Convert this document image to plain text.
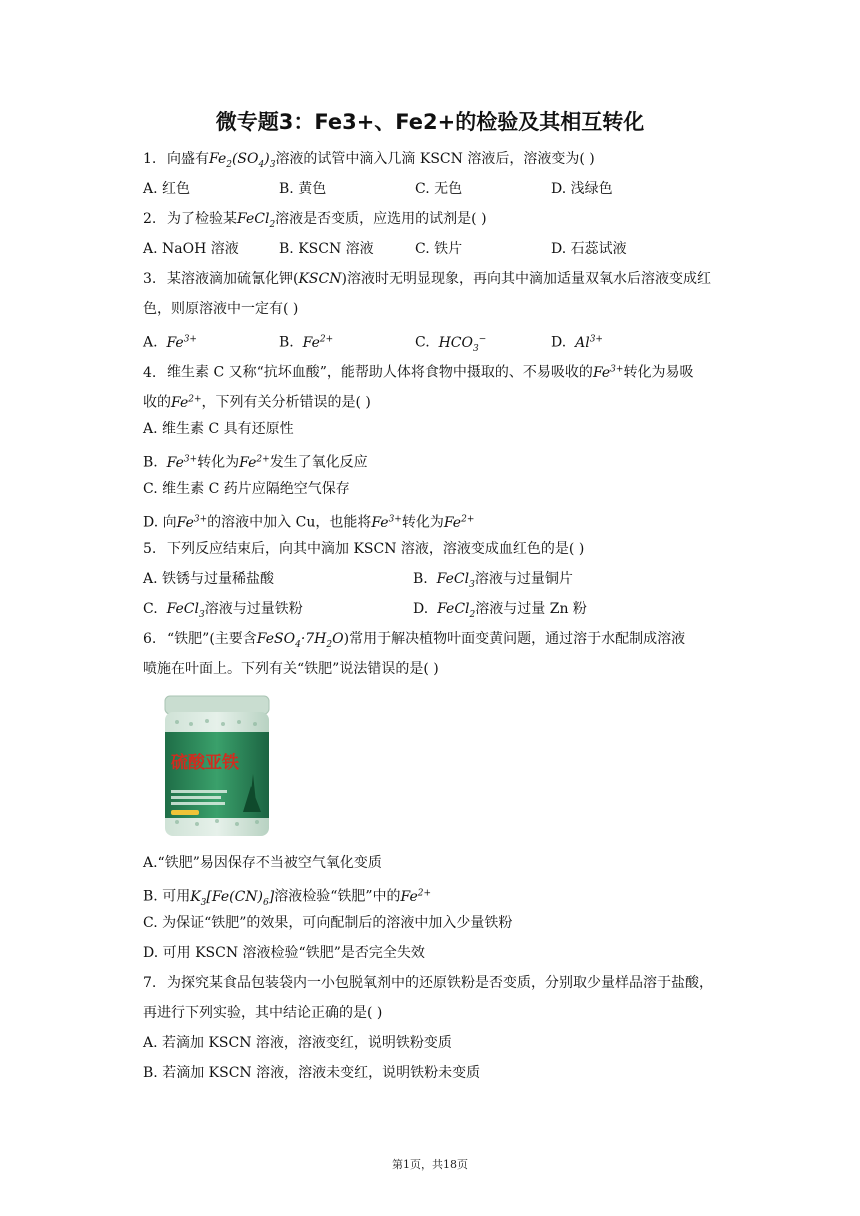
微专题3：Fe3+、Fe2+的检验及其相互转化
1. 向盛有$Fe_2(SO_4)_3$溶液的试管中滴入几滴 KSCN 溶液后，溶液变为( )
A. 红色	B. 黄色	C. 无色	D. 浅绿色
2. 为了检验某FeCl$_2$溶液是否变质，应选用的试剂是( )
A. NaOH 溶液	B. KSCN 溶液	C. 铁片	D. 石蕊试液
3. 某溶液滴加硫氰化钾(KSCN)溶液时无明显现象，再向其中滴加适量双氧水后溶液变成红
色，则原溶液中一定有( )
A. $Fe^{3+}$	B. $Fe^{2+}$	C. $HCO_3^-$	D. $Al^{3+}$
4. 维生素 C 又称“抗坏血酸”，能帮助人体将食物中摄取的、不易吸收的$Fe^{3+}$转化为易吸
收的$Fe^{2+}$，下列有关分析错误的是( )
A. 维生素 C 具有还原性
B. $Fe^{3+}$转化为$Fe^{2+}$发生了氧化反应
C. 维生素 C 药片应隔绝空气保存
D. 向$Fe^{3+}$的溶液中加入 Cu，也能将$Fe^{3+}$转化为$Fe^{2+}$
5. 下列反应结束后，向其中滴加 KSCN 溶液，溶液变成血红色的是( )
A. 铁锈与过量稀盐酸	B. FeCl$_3$溶液与过量铜片
C. FeCl$_3$溶液与过量铁粉	D. FeCl$_2$溶液与过量 Zn 粉
6. “铁肥”(主要含$FeSO_4\cdot 7H_2O$)常用于解决植物叶面变黄问题，通过溶于水配制成溶液
喷施在叶面上。下列有关“铁肥”说法错误的是( )
硫酸亚铁
A.“铁肥”易因保存不当被空气氧化变质
B. 可用$K_3[Fe(CN)_6]$溶液检验“铁肥”中的$Fe^{2+}$
C. 为保证“铁肥”的效果，可向配制后的溶液中加入少量铁粉
D. 可用 KSCN 溶液检验“铁肥”是否完全失效
7. 为探究某食品包装袋内一小包脱氧剂中的还原铁粉是否变质，分别取少量样品溶于盐酸，
再进行下列实验，其中结论正确的是( )
A. 若滴加 KSCN 溶液，溶液变红，说明铁粉变质
B. 若滴加 KSCN 溶液，溶液未变红，说明铁粉未变质
第1页，共18页
